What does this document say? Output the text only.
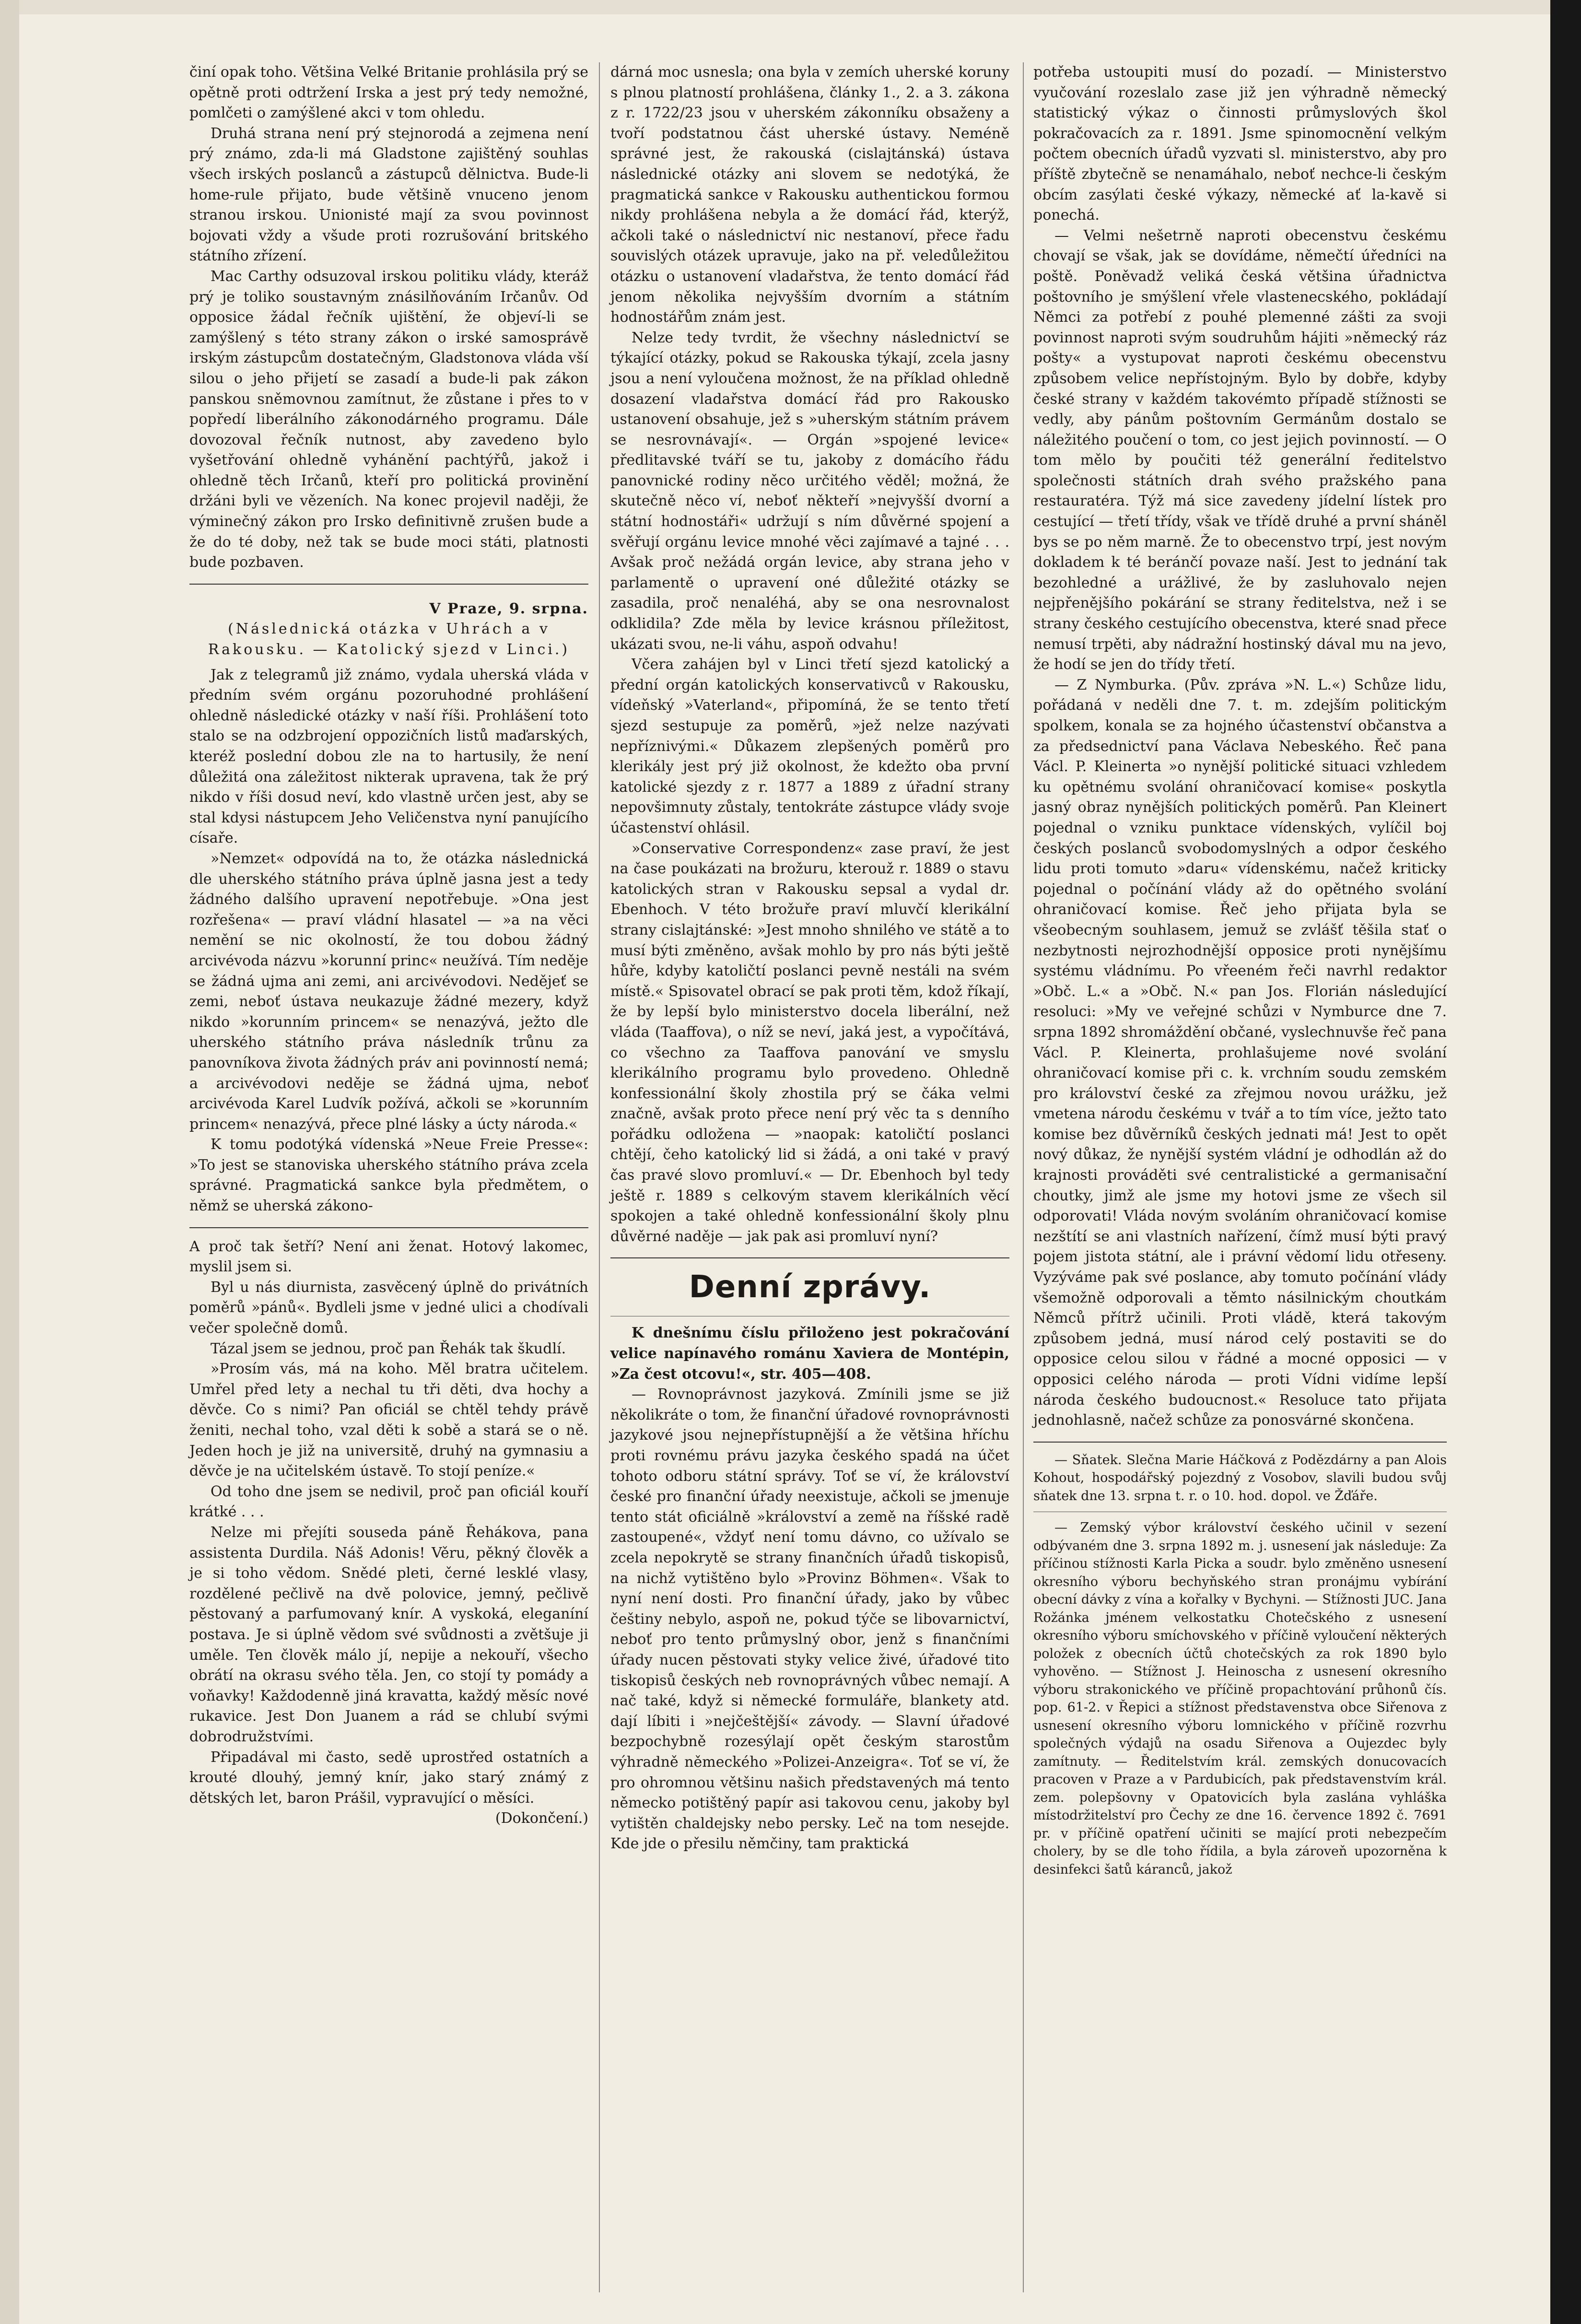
činí opak toho. Většina Velké Britanie prohlásila prý se opětně proti odtržení Irska a jest prý tedy nemožné, pomlčeti o zamýšlené akci v tom ohledu.

Druhá strana není prý stejnorodá a zejmena není prý známo, zda-li má Gladstone zajištěný souhlas všech irských poslanců a zástupců dělnictva. Bude-li home-rule přijato, bude většině vnuceno jenom stranou irskou. Unionisté mají za svou povinnost bojovati vždy a všude proti rozrušování britského státního zřízení.

Mac Carthy odsuzoval irskou politiku vlády, kteráž prý je toliko soustavným znásilňováním Irčanův. Od opposice žádal řečník ujištění, že objeví-li se zamýšlený s této strany zákon o irské samosprávě irským zástupcům dostatečným, Gladstonova vláda vší silou o jeho přijetí se zasadí a bude-li pak zákon panskou sněmovnou zamítnut, že zůstane i přes to v popředí liberálního zákonodárného programu. Dále dovozoval řečník nutnost, aby zavedeno bylo vyšetřování ohledně vyhánění pachtýřů, jakož i ohledně těch Irčanů, kteří pro politická provinění držáni byli ve vězeních. Na konec projevil naději, že výminečný zákon pro Irsko definitivně zrušen bude a že do té doby, než tak se bude moci státi, platnosti bude pozbaven.

V Praze, 9. srpna.
(Následnická otázka v Uhrách a v Rakousku. — Katolický sjezd v Linci.)

Jak z telegramů již známo, vydala uherská vláda v předním svém orgánu pozoruhodné prohlášení ohledně následické otázky v naší říši. Prohlášení toto stalo se na odzbrojení oppozičních listů maďarských, kteréž poslední dobou zle na to hartusily, že není důležitá ona záležitost nikterak upravena, tak že prý nikdo v říši dosud neví, kdo vlastně určen jest, aby se stal kdysi nástupcem Jeho Veličenstva nyní panujícího císaře.

»Nemzet« odpovídá na to, že otázka následnická dle uherského státního práva úplně jasna jest a tedy žádného dalšího upravení nepotřebuje. »Ona jest rozřešena« — praví vládní hlasatel — »a na věci nemění se nic okolností, že tou dobou žádný arcivévoda názvu »korunní princ« neužívá. Tím neděje se žádná ujma ani zemi, ani arcivévodovi. Nedějeť se zemi, neboť ústava neukazuje žádné mezery, když nikdo »korunním princem« se nenazývá, ježto dle uherského státního práva následník trůnu za panovníkova života žádných práv ani povinností nemá; a arcivévodovi neděje se žádná ujma, neboť arcivévoda Karel Ludvík požívá, ačkoli se »korunním princem« nenazývá, přece plné lásky a úcty národa.«

K tomu podotýká vídenská »Neue Freie Presse«: »To jest se stanoviska uherského státního práva zcela správné. Pragmatická sankce byla předmětem, o němž se uherská zákono-

A proč tak šetří? Není ani ženat. Hotový lakomec, myslil jsem si.

Byl u nás diurnista, zasvěcený úplně do privátních poměrů »pánů«. Bydleli jsme v jedné ulici a chodívali večer společně domů.

Tázal jsem se jednou, proč pan Řehák tak škudlí.

»Prosím vás, má na koho. Měl bratra učitelem. Umřel před lety a nechal tu tři děti, dva hochy a děvče. Co s nimi? Pan oficiál se chtěl tehdy právě ženiti, nechal toho, vzal děti k sobě a stará se o ně. Jeden hoch je již na universitě, druhý na gymnasiu a děvče je na učitelském ústavě. To stojí peníze.«

Od toho dne jsem se nedivil, proč pan oficiál kouří krátké . . .

Nelze mi přejíti souseda páně Řehákova, pana assistenta Durdila. Náš Adonis! Věru, pěkný člověk a je si toho vědom. Snědé pleti, černé lesklé vlasy, rozdělené pečlivě na dvě polovice, jemný, pečlivě pěstovaný a parfumovaný knír. A vyskoká, eleganíní postava. Je si úplně vědom své svůdnosti a zvětšuje ji uměle. Ten člověk málo jí, nepije a nekouří, všecho obrátí na okrasu svého těla. Jen, co stojí ty pomády a voňavky! Každodenně jiná kravatta, každý měsíc nové rukavice. Jest Don Juanem a rád se chlubí svými dobrodružstvími.

Připadával mi často, sedě uprostřed ostatních a krouté dlouhý, jemný knír, jako starý známý z dětských let, baron Prášil, vypravující o měsíci.

(Dokončení.)

dárná moc usnesla; ona byla v zemích uherské koruny s plnou platností prohlášena, články 1., 2. a 3. zákona z r. 1722/23 jsou v uherském zákonníku obsaženy a tvoří podstatnou část uherské ústavy. Neméně správné jest, že rakouská (cislajtánská) ústava následnické otázky ani slovem se nedotýká, že pragmatická sankce v Rakousku authentickou formou nikdy prohlášena nebyla a že domácí řád, kterýž, ačkoli také o následnictví nic nestanoví, přece řadu souvislých otázek upravuje, jako na př. veledůležitou otázku o ustanovení vladařstva, že tento domácí řád jenom několika nejvyšším dvorním a státním hodnostářům znám jest.

Nelze tedy tvrdit, že všechny následnictví se týkající otázky, pokud se Rakouska týkají, zcela jasny jsou a není vyloučena možnost, že na příklad ohledně dosazení vladařstva domácí řád pro Rakousko ustanovení obsahuje, jež s »uherským státním právem se nesrovnávají«. — Orgán »spojené levice« předlitavské tváří se tu, jakoby z domácího řádu panovnické rodiny něco určitého věděl; možná, že skutečně něco ví, neboť někteří »nejvyšší dvorní a státní hodnostáři« udržují s ním důvěrné spojení a svěřují orgánu levice mnohé věci zajímavé a tajné . . . Avšak proč nežádá orgán levice, aby strana jeho v parlamentě o upravení oné důležité otázky se zasadila, proč nenaléhá, aby se ona nesrovnalost odklidila? Zde měla by levice krásnou příležitost, ukázati svou, ne-li váhu, aspoň odvahu!

Včera zahájen byl v Linci třetí sjezd katolický a přední orgán katolických konservativců v Rakousku, vídeňský »Vaterland«, připomíná, že se tento třetí sjezd sestupuje za poměrů, »jež nelze nazývati nepříznivými.« Důkazem zlepšených poměrů pro klerikály jest prý již okolnost, že kdežto oba první katolické sjezdy z r. 1877 a 1889 z úřadní strany nepovšimnuty zůstaly, tentokráte zástupce vlády svoje účastenství ohlásil.

»Conservative Correspondenz« zase praví, že jest na čase poukázati na brožuru, kterouž r. 1889 o stavu katolických stran v Rakousku sepsal a vydal dr. Ebenhoch. V této brožuře praví mluvčí klerikální strany cislajtánské: »Jest mnoho shnilého ve státě a to musí býti změněno, avšak mohlo by pro nás býti ještě hůře, kdyby katoličtí poslanci pevně nestáli na svém místě.« Spisovatel obrací se pak proti těm, kdož říkají, že by lepší bylo ministerstvo docela liberální, než vláda (Taaffova), o níž se neví, jaká jest, a vypočítává, co všechno za Taaffova panování ve smyslu klerikálního programu bylo provedeno. Ohledně konfessionální školy zhostila prý se čáka velmi značně, avšak proto přece není prý věc ta s denního pořádku odložena — »naopak: katoličtí poslanci chtějí, čeho katolický lid si žádá, a oni také v pravý čas pravé slovo promluví.« — Dr. Ebenhoch byl tedy ještě r. 1889 s celkovým stavem klerikálních věcí spokojen a také ohledně konfessionální školy plnu důvěrné naděje — jak pak asi promluví nyní?

Denní zprávy.

K dnešnímu číslu přiloženo jest pokračování velice napínavého románu Xaviera de Montépin, »Za čest otcovu!«, str. 405—408.

— Rovnoprávnost jazyková. Zmínili jsme se již několikráte o tom, že finanční úřadové rovnoprávnosti jazykové jsou nejnepřístupnější a že většina hříchu proti rovnému právu jazyka českého spadá na účet tohoto odboru státní správy. Toť se ví, že království české pro finanční úřady neexistuje, ačkoli se jmenuje tento stát oficiálně »království a země na říšské radě zastoupené«, vždyť není tomu dávno, co užívalo se zcela nepokrytě se strany finančních úřadů tiskopisů, na nichž vytištěno bylo »Provinz Böhmen«. Však to nyní není dosti. Pro finanční úřady, jako by vůbec češtiny nebylo, aspoň ne, pokud týče se libovarnictví, neboť pro tento průmyslný obor, jenž s finančními úřady nucen pěstovati styky velice živé, úřadové tito tiskopisů českých neb rovnoprávných vůbec nemají. A nač také, když si německé formuláře, blankety atd. dají líbiti i »nejčeštější« závody. — Slavní úřadové bezpochybně rozesýlají opět českým starostům výhradně německého »Polizei-Anzeigra«. Toť se ví, že pro ohromnou většinu našich představených má tento německo potištěný papír asi takovou cenu, jakoby byl vytištěn chaldejsky nebo persky. Leč na tom nesejde. Kde jde o přesilu němčiny, tam praktická

potřeba ustoupiti musí do pozadí. — Ministerstvo vyučování rozeslalo zase již jen výhradně německý statistický výkaz o činnosti průmyslových škol pokračovacích za r. 1891. Jsme spinomocnění velkým počtem obecních úřadů vyzvati sl. ministerstvo, aby pro příště zbytečně se nenamáhalo, neboť nechce-li českým obcím zasýlati české výkazy, německé ať la-kavě si ponechá.

— Velmi nešetrně naproti obecenstvu českému chovají se však, jak se dovídáme, němečtí úředníci na poště. Poněvadž veliká česká většina úřadnictva poštovního je smýšlení vřele vlastenecského, pokládají Němci za potřebí z pouhé plemenné zášti za svoji povinnost naproti svým soudruhům hájiti »německý ráz pošty« a vystupovat naproti českému obecenstvu způsobem velice nepřístojným. Bylo by dobře, kdyby české strany v každém takovémto případě stížnosti se vedly, aby pánům poštovním Germánům dostalo se náležitého poučení o tom, co jest jejich povinností. — O tom mělo by poučiti též generální ředitelstvo společnosti státních drah svého pražského pana restauratéra. Týž má sice zavedeny jídelní lístek pro cestující — třetí třídy, však ve třídě druhé a první sháněl bys se po něm marně. Že to obecenstvo trpí, jest novým dokladem k té beránčí povaze naší. Jest to jednání tak bezohledné a urážlivé, že by zasluhovalo nejen nejpřenějšího pokárání se strany ředitelstva, než i se strany českého cestujícího obecenstva, které snad přece nemusí trpěti, aby nádražní hostinský dával mu na jevo, že hodí se jen do třídy třetí.

— Z Nymburka. (Pův. zpráva »N. L.«) Schůze lidu, pořádaná v neděli dne 7. t. m. zdejším politickým spolkem, konala se za hojného účastenství občanstva a za předsednictví pana Václava Nebeského. Řeč pana Václ. P. Kleinerta »o nynější politické situaci vzhledem ku opětnému svolání ohraničovací komise« poskytla jasný obraz nynějších politických poměrů. Pan Kleinert pojednal o vzniku punktace vídenských, vylíčil boj českých poslanců svobodomyslných a odpor českého lidu proti tomuto »daru« vídenskému, načež kriticky pojednal o počínání vlády až do opětného svolání ohraničovací komise. Řeč jeho přijata byla se všeobecným souhlasem, jemuž se zvlášť těšila stať o nezbytnosti nejrozhodnější opposice proti nynějšímu systému vládnímu. Po vřeeném řeči navrhl redaktor »Obč. L.« a »Obč. N.« pan Jos. Florián následující resoluci: »My ve veřejné schůzi v Nymburce dne 7. srpna 1892 shromáždění občané, vyslechnuvše řeč pana Václ. P. Kleinerta, prohlašujeme nové svolání ohraničovací komise při c. k. vrchním soudu zemském pro království české za zřejmou novou urážku, jež vmetena národu českému v tvář a to tím více, ježto tato komise bez důvěrníků českých jednati má! Jest to opět nový důkaz, že nynější systém vládní je odhodlán až do krajnosti prováděti své centralistické a germanisační choutky, jimž ale jsme my hotovi jsme ze všech sil odporovati! Vláda novým svoláním ohraničovací komise nezštítí se ani vlastních nařízení, čímž musí býti pravý pojem jistota státní, ale i právní vědomí lidu otřeseny. Vyzýváme pak své poslance, aby tomuto počínání vlády všemožně odporovali a těmto násilnickým choutkám Němců přítrž učinili. Proti vládě, která takovým způsobem jedná, musí národ celý postaviti se do opposice celou silou v řádné a mocné opposici — v opposici celého národa — proti Vídni vidíme lepší národa českého budoucnost.« Resoluce tato přijata jednohlasně, načež schůze za ponosvárné skončena.

— Sňatek. Slečna Marie Háčková z Podězdárny a pan Alois Kohout, hospodářský pojezdný z Vosobov, slavili budou svůj sňatek dne 13. srpna t. r. o 10. hod. dopol. ve Žďáře.

— Zemský výbor království českého učinil v sezení odbývaném dne 3. srpna 1892 m. j. usnesení jak následuje: Za příčinou stížnosti Karla Picka a soudr. bylo změněno usnesení okresního výboru bechyňského stran pronájmu vybírání obecní dávky z vína a kořalky v Bychyni. — Stížnosti JUC. Jana Rožánka jménem velkostatku Chotečského z usnesení okresního výboru smíchovského v příčině vyloučení některých položek z obecních účtů chotečských za rok 1890 bylo vyhověno. — Stížnost J. Heinoscha z usnesení okresního výboru strakonického ve příčině propachtování průhonů čís. pop. 61-2. v Řepici a stížnost představenstva obce Siřenova z usnesení okresního výboru lomnického v příčině rozvrhu společných výdajů na osadu Siřenova a Oujezdec byly zamítnuty. — Ředitelstvím král. zemských donucovacích pracoven v Praze a v Pardubicích, pak představenstvím král. zem. polepšovny v Opatovicích byla zaslána vyhláška místodržitelství pro Čechy ze dne 16. července 1892 č. 7691 pr. v příčině opatření učiniti se mající proti nebezpečím cholery, by se dle toho řídila, a byla zároveň upozorněna k desinfekci šatů káranců, jakož
